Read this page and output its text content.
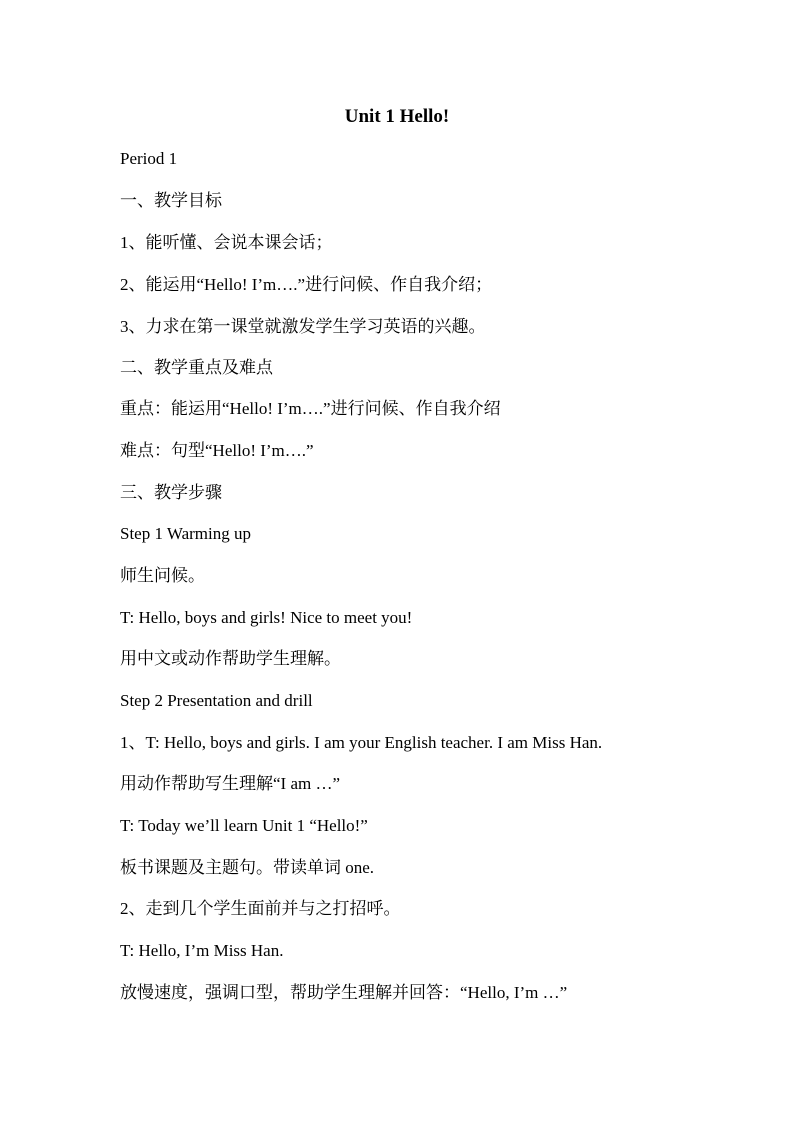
Unit 1 Hello!
Period 1
一、教学目标
1、能听懂、会说本课会话；
2、能运用“Hello! I’m….”进行问候、作自我介绍；
3、力求在第一课堂就激发学生学习英语的兴趣。
二、教学重点及难点
重点：能运用“Hello! I’m….”进行问候、作自我介绍
难点：句型“Hello! I’m….”
三、教学步骤
Step 1 Warming up
师生问候。
T: Hello, boys and girls! Nice to meet you!
用中文或动作帮助学生理解。
Step 2 Presentation and drill
1、T: Hello, boys and girls. I am your English teacher. I am Miss Han.
用动作帮助写生理解“I am …”
T: Today we’ll learn Unit 1 “Hello!”
板书课题及主题句。带读单词 one.
2、走到几个学生面前并与之打招呼。
T: Hello, I’m Miss Han.
放慢速度，强调口型，帮助学生理解并回答：“Hello, I’m …”
